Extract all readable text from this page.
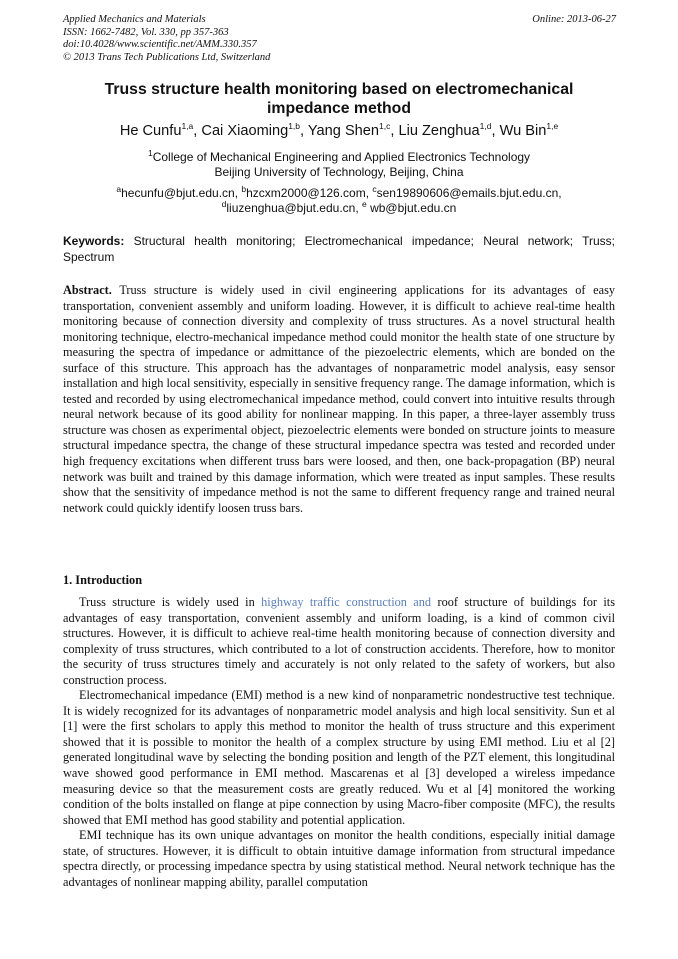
Applied Mechanics and Materials
ISSN: 1662-7482, Vol. 330, pp 357-363
doi:10.4028/www.scientific.net/AMM.330.357
© 2013 Trans Tech Publications Ltd, Switzerland
Online: 2013-06-27
Truss structure health monitoring based on electromechanical impedance method
He Cunfu$^{1,a}$, Cai Xiaoming$^{1,b}$, Yang Shen$^{1,c}$, Liu Zenghua$^{1,d}$, Wu Bin$^{1,e}$
$^1$College of Mechanical Engineering and Applied Electronics Technology
Beijing University of Technology, Beijing, China
$^a$hecunfu@bjut.edu.cn, $^b$hzcxm2000@126.com, $^c$sen19890606@emails.bjut.edu.cn,
$^d$liuzenghua@bjut.edu.cn, $^e$ wb@bjut.edu.cn
Keywords: Structural health monitoring; Electromechanical impedance; Neural network; Truss; Spectrum
Abstract. Truss structure is widely used in civil engineering applications for its advantages of easy transportation, convenient assembly and uniform loading. However, it is difficult to achieve real-time health monitoring because of connection diversity and complexity of truss structures. As a novel structural health monitoring technique, electro-mechanical impedance method could monitor the health state of one structure by measuring the spectra of impedance or admittance of the piezoelectric elements, which are bonded on the surface of this structure. This approach has the advantages of nonparametric model analysis, easy sensor installation and high local sensitivity, especially in sensitive frequency range. The damage information, which is tested and recorded by using electromechanical impedance method, could convert into intuitive results through neural network because of its good ability for nonlinear mapping. In this paper, a three-layer assembly truss structure was chosen as experimental object, piezoelectric elements were bonded on structure joints to measure structural impedance spectra, the change of these structural impedance spectra was tested and recorded under high frequency excitations when different truss bars were loosed, and then, one back-propagation (BP) neural network was built and trained by this damage information, which were treated as input samples. These results show that the sensitivity of impedance method is not the same to different frequency range and trained neural network could quickly identify loosen truss bars.
1. Introduction

Truss structure is widely used in highway traffic construction and roof structure of buildings for its advantages of easy transportation, convenient assembly and uniform loading, is a kind of common civil structures. However, it is difficult to achieve real-time health monitoring because of connection diversity and complexity of truss structures, which contributed to a lot of construction accidents. Therefore, how to monitor the security of truss structures timely and accurately is not only related to the safety of workers, but also construction process.

Electromechanical impedance (EMI) method is a new kind of nonparametric nondestructive test technique. It is widely recognized for its advantages of nonparametric model analysis and high local sensitivity. Sun et al [1] were the first scholars to apply this method to monitor the health of truss structure and this experiment showed that it is possible to monitor the health of a complex structure by using EMI method. Liu et al [2] generated longitudinal wave by selecting the bonding position and length of the PZT element, this longitudinal wave showed good performance in EMI method. Mascarenas et al [3] developed a wireless impedance measuring device so that the measurement costs are greatly reduced. Wu et al [4] monitored the working condition of the bolts installed on flange at pipe connection by using Macro-fiber composite (MFC), the results showed that EMI method has good stability and potential application.

EMI technique has its own unique advantages on monitor the health conditions, especially initial damage state, of structures. However, it is difficult to obtain intuitive damage information from structural impedance spectra directly, or processing impedance spectra by using statistical method. Neural network technique has the advantages of nonlinear mapping ability, parallel computation
